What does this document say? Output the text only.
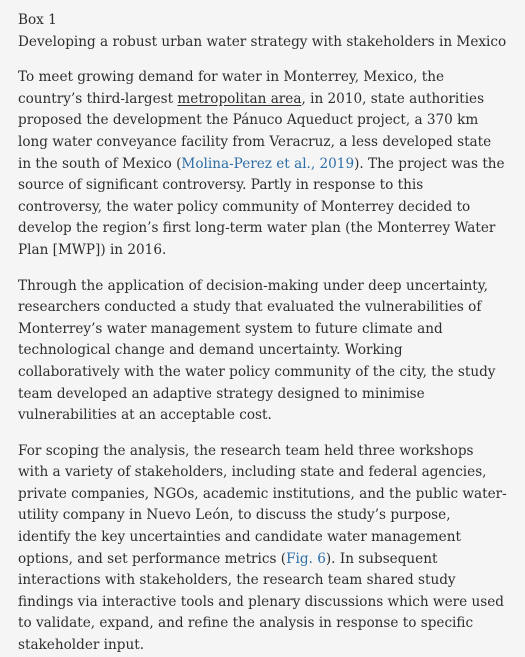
Box 1
Developing a robust urban water strategy with stakeholders in Mexico

To meet growing demand for water in Monterrey, Mexico, the country’s third-largest metropolitan area, in 2010, state authorities proposed the development the Pánuco Aqueduct project, a 370 km long water conveyance facility from Veracruz, a less developed state in the south of Mexico (Molina-Perez et al., 2019). The project was the source of significant controversy. Partly in response to this controversy, the water policy community of Monterrey decided to develop the region’s first long-term water plan (the Monterrey Water Plan [MWP]) in 2016.

Through the application of decision-making under deep uncertainty, researchers conducted a study that evaluated the vulnerabilities of Monterrey’s water management system to future climate and technological change and demand uncertainty. Working collaboratively with the water policy community of the city, the study team developed an adaptive strategy designed to minimise vulnerabilities at an acceptable cost.

For scoping the analysis, the research team held three workshops with a variety of stakeholders, including state and federal agencies, private companies, NGOs, academic institutions, and the public water-utility company in Nuevo León, to discuss the study’s purpose, identify the key uncertainties and candidate water management options, and set performance metrics (Fig. 6). In subsequent interactions with stakeholders, the research team shared study findings via interactive tools and plenary discussions which were used to validate, expand, and refine the analysis in response to specific stakeholder input.
